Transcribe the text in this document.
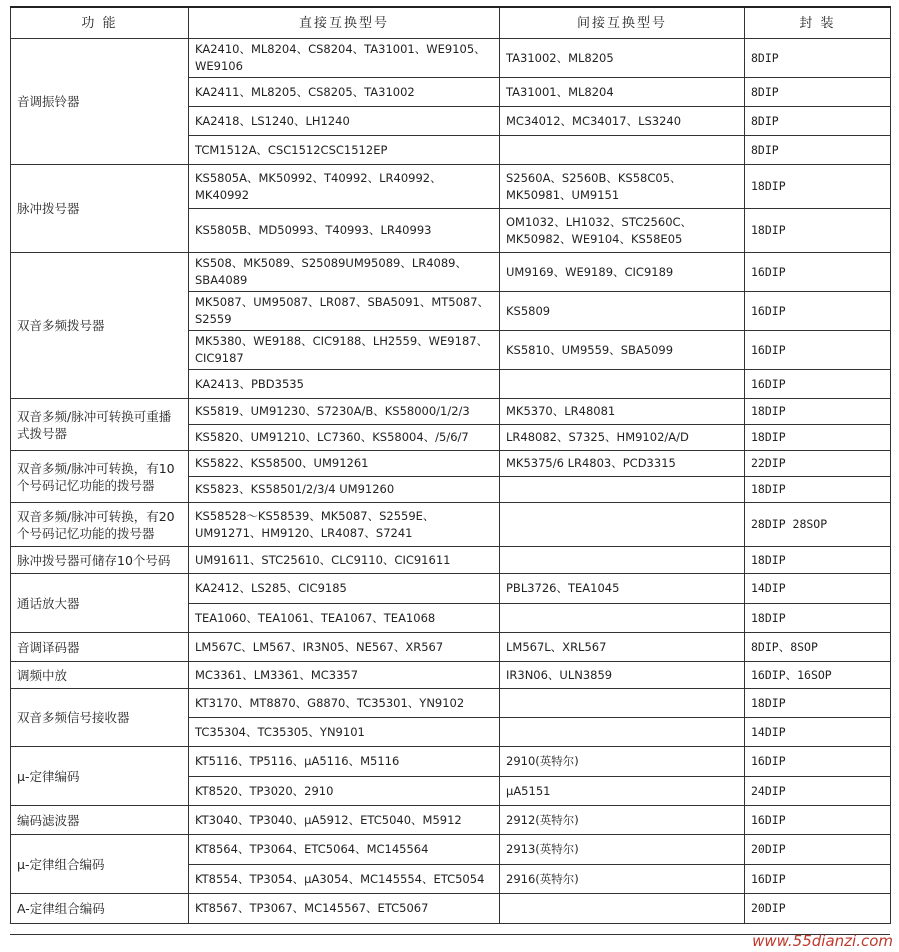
功 能	直接互换型号	间接互换型号	封 装
音调振铃器	KA2410、ML8204、CS8204、TA31001、WE9105、WE9106	TA31002、ML8205	8DIP
	KA2411、ML8205、CS8205、TA31002	TA31001、ML8204	8DIP
	KA2418、LS1240、LH1240	MC34012、MC34017、LS3240	8DIP
	TCM1512A、CSC1512CSC1512EP		8DIP
脉冲拨号器	KS5805A、MK50992、T40992、LR40992、MK40992	S2560A、S2560B、KS58C05、MK50981、UM9151	18DIP
	KS5805B、MD50993、T40993、LR40993	OM1032、LH1032、STC2560C、MK50982、WE9104、KS58E05	18DIP
双音多频拨号器	KS508、MK5089、S25089UM95089、LR4089、SBA4089	UM9169、WE9189、CIC9189	16DIP
	MK5087、UM95087、LR087、SBA5091、MT5087、S2559	KS5809	16DIP
	MK5380、WE9188、CIC9188、LH2559、WE9187、CIC9187	KS5810、UM9559、SBA5099	16DIP
	KA2413、PBD3535		16DIP
双音多频/脉冲可转换可重播式拨号器	KS5819、UM91230、S7230A/B、KS58000/1/2/3	MK5370、LR48081	18DIP
	KS5820、UM91210、LC7360、KS58004、/5/6/7	LR48082、S7325、HM9102/A/D	18DIP
双音多频/脉冲可转换，有10个号码记忆功能的拨号器	KS5822、KS58500、UM91261	MK5375/6 LR4803、PCD3315	22DIP
	KS5823、KS58501/2/3/4 UM91260		18DIP
双音多频/脉冲可转换，有20个号码记忆功能的拨号器	KS58528～KS58539、MK5087、S2559E、UM91271、HM9120、LR4087、S7241		28DIP 28SOP
脉冲拨号器可储存10个号码	UM91611、STC25610、CLC9110、CIC91611		18DIP
通话放大器	KA2412、LS285、CIC9185	PBL3726、TEA1045	14DIP
	TEA1060、TEA1061、TEA1067、TEA1068		18DIP
音调译码器	LM567C、LM567、IR3N05、NE567、XR567	LM567L、XRL567	8DIP、8SOP
调频中放	MC3361、LM3361、MC3357	IR3N06、ULN3859	16DIP、16SOP
双音多频信号接收器	KT3170、MT8870、G8870、TC35301、YN9102		18DIP
	TC35304、TC35305、YN9101		14DIP
μ-定律编码	KT5116、TP5116、μA5116、M5116	2910(英特尔)	16DIP
	KT8520、TP3020、2910	μA5151	24DIP
编码滤波器	KT3040、TP3040、μA5912、ETC5040、M5912	2912(英特尔)	16DIP
μ-定律组合编码	KT8564、TP3064、ETC5064、MC145564	2913(英特尔)	20DIP
	KT8554、TP3054、μA3054、MC145554、ETC5054	2916(英特尔)	16DIP
A-定律组合编码	KT8567、TP3067、MC145567、ETC5067		20DIP
www.55dianzi.com
